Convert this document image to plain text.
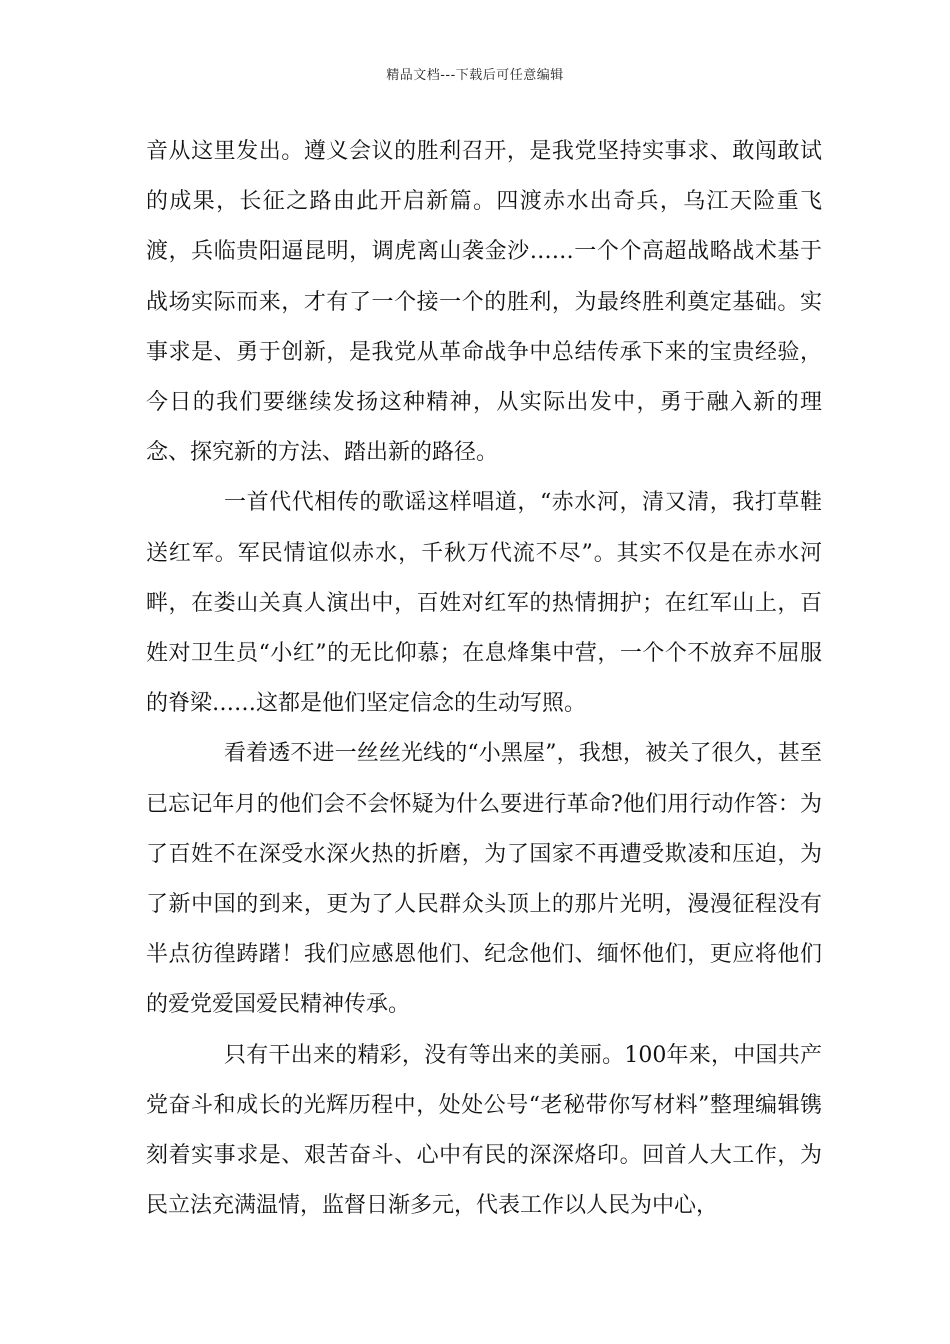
精品文档---下载后可任意编辑

音从这里发出。遵义会议的胜利召开，是我党坚持实事求、敢闯敢试的成果，长征之路由此开启新篇。四渡赤水出奇兵，乌江天险重飞渡，兵临贵阳逼昆明，调虎离山袭金沙……一个个高超战略战术基于战场实际而来，才有了一个接一个的胜利，为最终胜利奠定基础。实事求是、勇于创新，是我党从革命战争中总结传承下来的宝贵经验，今日的我们要继续发扬这种精神，从实际出发中，勇于融入新的理念、探究新的方法、踏出新的路径。

一首代代相传的歌谣这样唱道，“赤水河，清又清，我打草鞋送红军。军民情谊似赤水，千秋万代流不尽”。其实不仅是在赤水河畔，在娄山关真人演出中，百姓对红军的热情拥护；在红军山上，百姓对卫生员“小红”的无比仰慕；在息烽集中营，一个个不放弃不屈服的脊梁……这都是他们坚定信念的生动写照。

看着透不进一丝丝光线的“小黑屋”，我想，被关了很久，甚至已忘记年月的他们会不会怀疑为什么要进行革命?他们用行动作答：为了百姓不在深受水深火热的折磨，为了国家不再遭受欺凌和压迫，为了新中国的到来，更为了人民群众头顶上的那片光明，漫漫征程没有半点彷徨踌躇！我们应感恩他们、纪念他们、缅怀他们，更应将他们的爱党爱国爱民精神传承。

只有干出来的精彩，没有等出来的美丽。100年来，中国共产党奋斗和成长的光辉历程中，处处公号“老秘带你写材料”整理编辑镌刻着实事求是、艰苦奋斗、心中有民的深深烙印。回首人大工作，为民立法充满温情，监督日渐多元，代表工作以人民为中心，
